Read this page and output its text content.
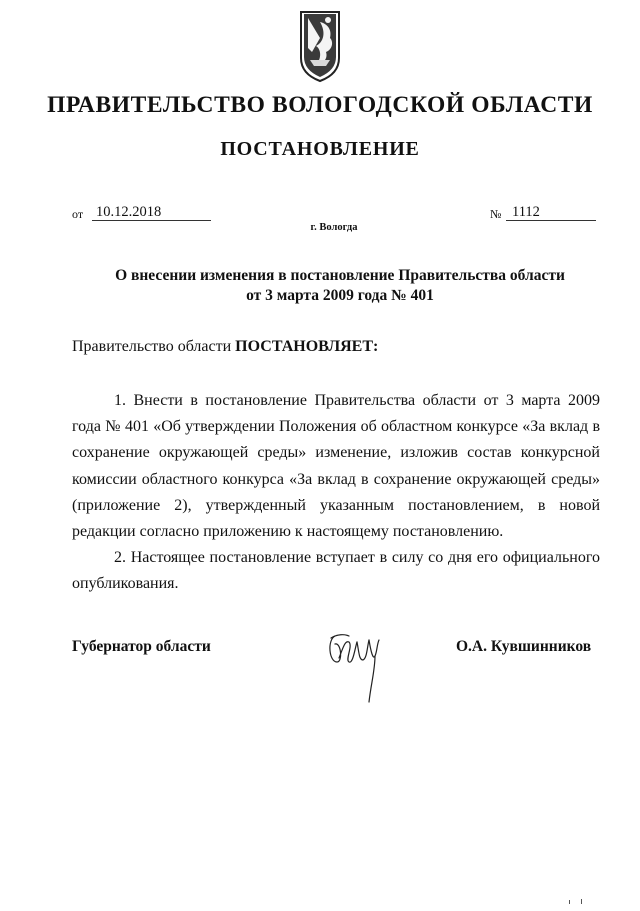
ПРАВИТЕЛЬСТВО ВОЛОГОДСКОЙ ОБЛАСТИ
ПОСТАНОВЛЕНИЕ
от 10.12.2018	№ 1112
г. Вологда
О внесении изменения в постановление Правительства области
от 3 марта 2009 года № 401
Правительство области ПОСТАНОВЛЯЕТ:
1. Внести в постановление Правительства области от 3 марта 2009 года № 401 «Об утверждении Положения об областном конкурсе «За вклад в сохранение окружающей среды» изменение, изложив состав конкурсной комиссии областного конкурса «За вклад в сохранение окружающей среды» (приложение 2), утвержденный указанным постановлением, в новой редакции согласно приложению к настоящему постановлению.
2. Настоящее постановление вступает в силу со дня его официального опубликования.
Губернатор области	О.А. Кувшинников
